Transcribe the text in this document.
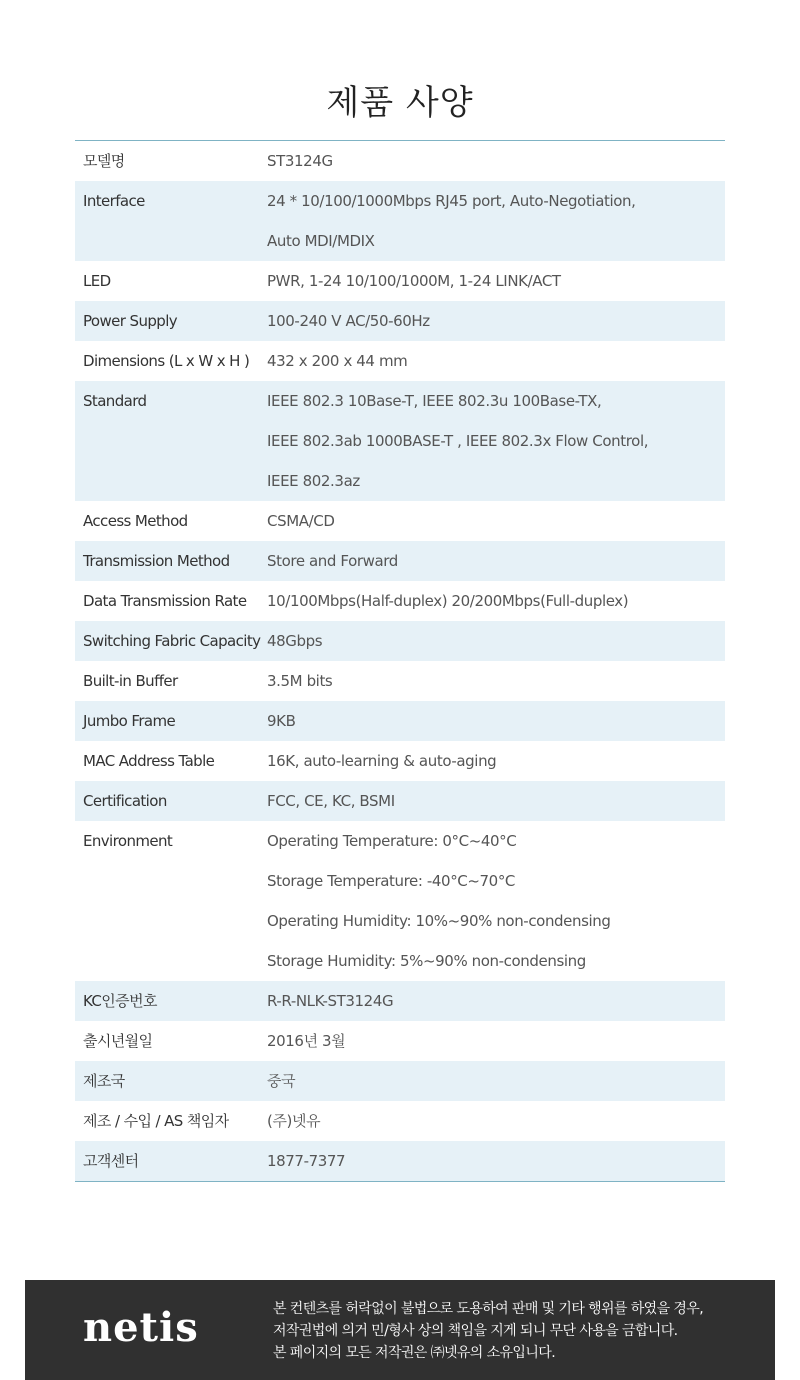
제품 사양
모델명	ST3124G
Interface	24 * 10/100/1000Mbps RJ45 port, Auto-Negotiation,
Auto MDI/MDIX
LED	PWR, 1-24 10/100/1000M, 1-24 LINK/ACT
Power Supply	100-240 V AC/50-60Hz
Dimensions (L x W x H )	432 x 200 x 44 mm
Standard	IEEE 802.3 10Base-T, IEEE 802.3u 100Base-TX,
IEEE 802.3ab 1000BASE-T , IEEE 802.3x Flow Control,
IEEE 802.3az
Access Method	CSMA/CD
Transmission Method	Store and Forward
Data Transmission Rate	10/100Mbps(Half-duplex) 20/200Mbps(Full-duplex)
Switching Fabric Capacity 48Gbps
Built-in Buffer	3.5M bits
Jumbo Frame	9KB
MAC Address Table	16K, auto-learning & auto-aging
Certification	FCC, CE, KC, BSMI
Environment	Operating Temperature: 0°C~40°C
Storage Temperature: -40°C~70°C
Operating Humidity: 10%~90% non-condensing
Storage Humidity: 5%~90% non-condensing
KC인증번호	R-R-NLK-ST3124G
출시년월일	2016년 3월
제조국	중국
제조 / 수입 / AS 책임자	(주)넷유
고객센터	1877-7377
netis	본 컨텐츠를 허락없이 불법으로 도용하여 판매 및 기타 행위를 하였을 경우,
저작권법에 의거 민/형사 상의 책임을 지게 되니 무단 사용을 금합니다.
본 페이지의 모든 저작권은 ㈜넷유의 소유입니다.
